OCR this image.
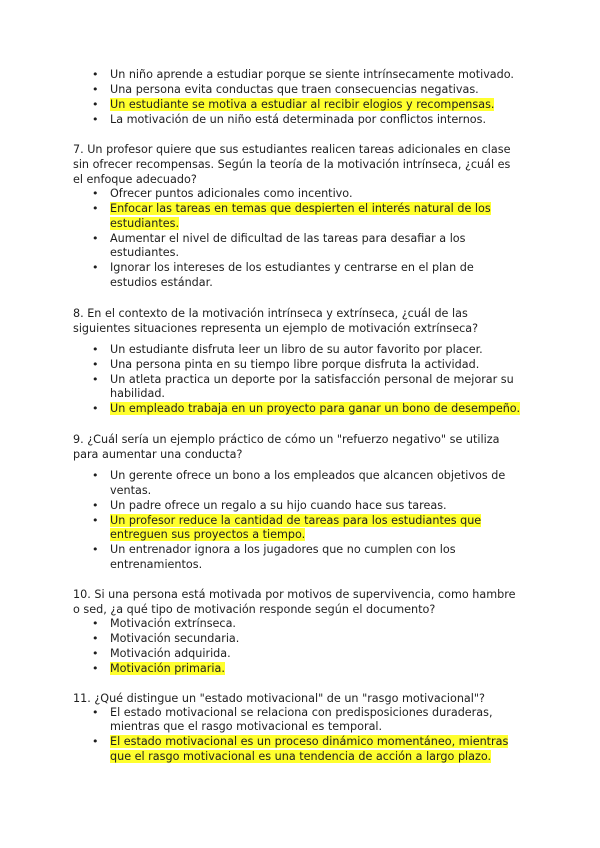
• Un niño aprende a estudiar porque se siente intrínsecamente motivado.
• Una persona evita conductas que traen consecuencias negativas.
• Un estudiante se motiva a estudiar al recibir elogios y recompensas.
• La motivación de un niño está determinada por conflictos internos.

7. Un profesor quiere que sus estudiantes realicen tareas adicionales en clase sin ofrecer recompensas. Según la teoría de la motivación intrínseca, ¿cuál es el enfoque adecuado?

• Ofrecer puntos adicionales como incentivo.
• Enfocar las tareas en temas que despierten el interés natural de los estudiantes.
• Aumentar el nivel de dificultad de las tareas para desafiar a los estudiantes.
• Ignorar los intereses de los estudiantes y centrarse en el plan de estudios estándar.

8. En el contexto de la motivación intrínseca y extrínseca, ¿cuál de las siguientes situaciones representa un ejemplo de motivación extrínseca?

• Un estudiante disfruta leer un libro de su autor favorito por placer.
• Una persona pinta en su tiempo libre porque disfruta la actividad.
• Un atleta practica un deporte por la satisfacción personal de mejorar su habilidad.
• Un empleado trabaja en un proyecto para ganar un bono de desempeño.

9. ¿Cuál sería un ejemplo práctico de cómo un "refuerzo negativo" se utiliza para aumentar una conducta?

• Un gerente ofrece un bono a los empleados que alcancen objetivos de ventas.
• Un padre ofrece un regalo a su hijo cuando hace sus tareas.
• Un profesor reduce la cantidad de tareas para los estudiantes que entreguen sus proyectos a tiempo.
• Un entrenador ignora a los jugadores que no cumplen con los entrenamientos.

10. Si una persona está motivada por motivos de supervivencia, como hambre o sed, ¿a qué tipo de motivación responde según el documento?

• Motivación extrínseca.
• Motivación secundaria.
• Motivación adquirida.
• Motivación primaria.

11. ¿Qué distingue un "estado motivacional" de un "rasgo motivacional"?

• El estado motivacional se relaciona con predisposiciones duraderas, mientras que el rasgo motivacional es temporal.
• El estado motivacional es un proceso dinámico momentáneo, mientras que el rasgo motivacional es una tendencia de acción a largo plazo.
